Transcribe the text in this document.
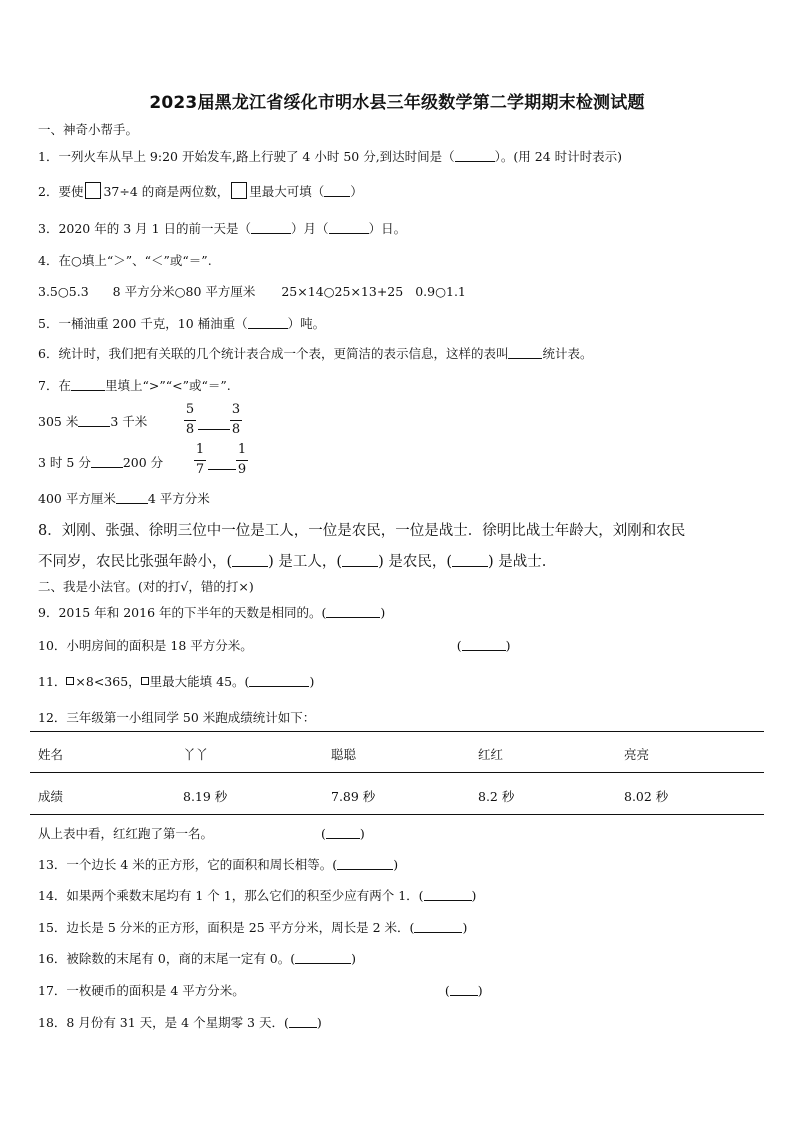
2023届黑龙江省绥化市明水县三年级数学第二学期期末检测试题
一、神奇小帮手。
1．一列火车从早上 9:20 开始发车,路上行驶了 4 小时 50 分,到达时间是（	）。(用 24 时计时表示)
2．要使 37÷4 的商是两位数， 里最大可填（ ）
3．2020 年的 3 月 1 日的前一天是（	）月（	）日。
4．在○填上“＞”、“＜”或“＝”.
3.5○5.3 8 平方分米○80 平方厘米 25×14○25×13+25 0.9○1.1
5．一桶油重 200 千克，10 桶油重（	）吨。
6．统计时，我们把有关联的几个统计表合成一个表，更简洁的表示信息，这样的表叫	统计表。
7．在	里填上“>”“<”或“＝”.
305 米	3 千米
5
8
3
8
3 时 5 分	200 分
1
7
1
9
400 平方厘米	4 平方分米
8．刘刚、张强、徐明三位中一位是工人，一位是农民，一位是战士．徐明比战士年龄大，刘刚和农民
不同岁，农民比张强年龄小，( ) 是工人，( ) 是农民，( ) 是战士.
二、我是小法官。(对的打√，错的打×)
9．2015 年和 2016 年的下半年的天数是相同的。(	)
10．小明房间的面积是 18 平方分米。	(	)
11． ×8<365， 里最大能填 45。(	)
12．三年级第一小组同学 50 米跑成绩统计如下：
姓名	丫丫	聪聪	红红	亮亮
成绩	8.19 秒	7.89 秒	8.2 秒	8.02 秒
从上表中看，红红跑了第一名。	(	)
13．一个边长 4 米的正方形，它的面积和周长相等。(	)
14．如果两个乘数末尾均有 1 个 1，那么它们的积至少应有两个 1．(	)
15．边长是 5 分米的正方形，面积是 25 平方分米，周长是 2 米．(	)
16．被除数的末尾有 0，商的末尾一定有 0。(	)
17．一枚硬币的面积是 4 平方分米。	( )
18．8 月份有 31 天，是 4 个星期零 3 天．( )
